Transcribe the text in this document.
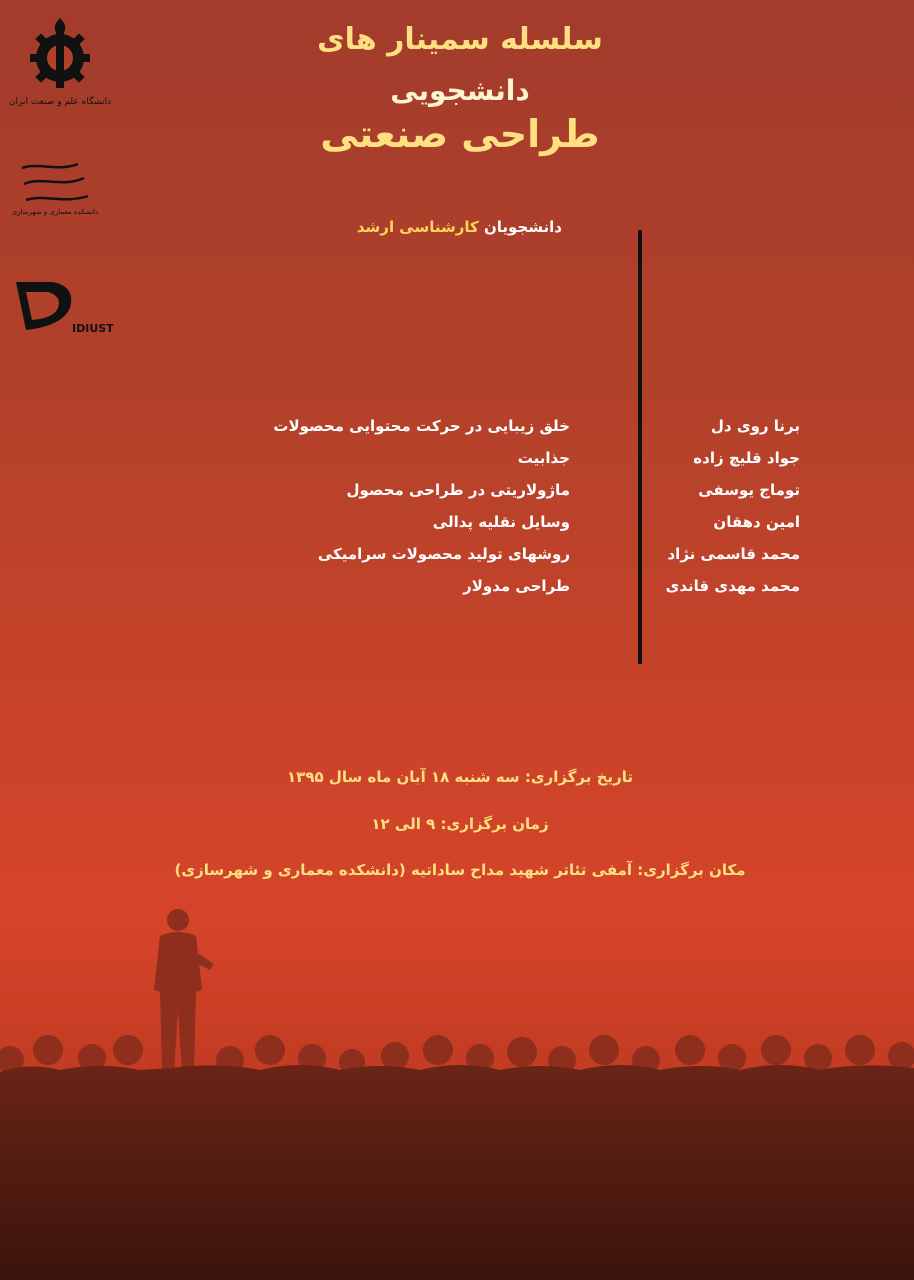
دانشگاه علم و صنعت ایران
دانشکده معماری و شهرسازی
IDIUST
سلسله سمینار های
دانشجویی
طراحی صنعتی
دانشجویان کارشناسی ارشد
برنا روی دل
جواد قلیچ زاده
توماج یوسفی
امین دهقان
محمد قاسمی نژاد
محمد مهدی قاندی
خلق زیبایی در حرکت محتوایی محصولات
جذابیت
ماژولاریتی در طراحی محصول
وسایل نقلیه پدالی
روشهای تولید محصولات سرامیکی
طراحی مدولار
تاریخ برگزاری: سه شنبه ۱۸ آبان ماه سال ۱۳۹۵
زمان برگزاری: ۹ الی ۱۲
مکان برگزاری: آمفی تئاتر شهید مداح ساداتیه (دانشکده معماری و شهرسازی)
